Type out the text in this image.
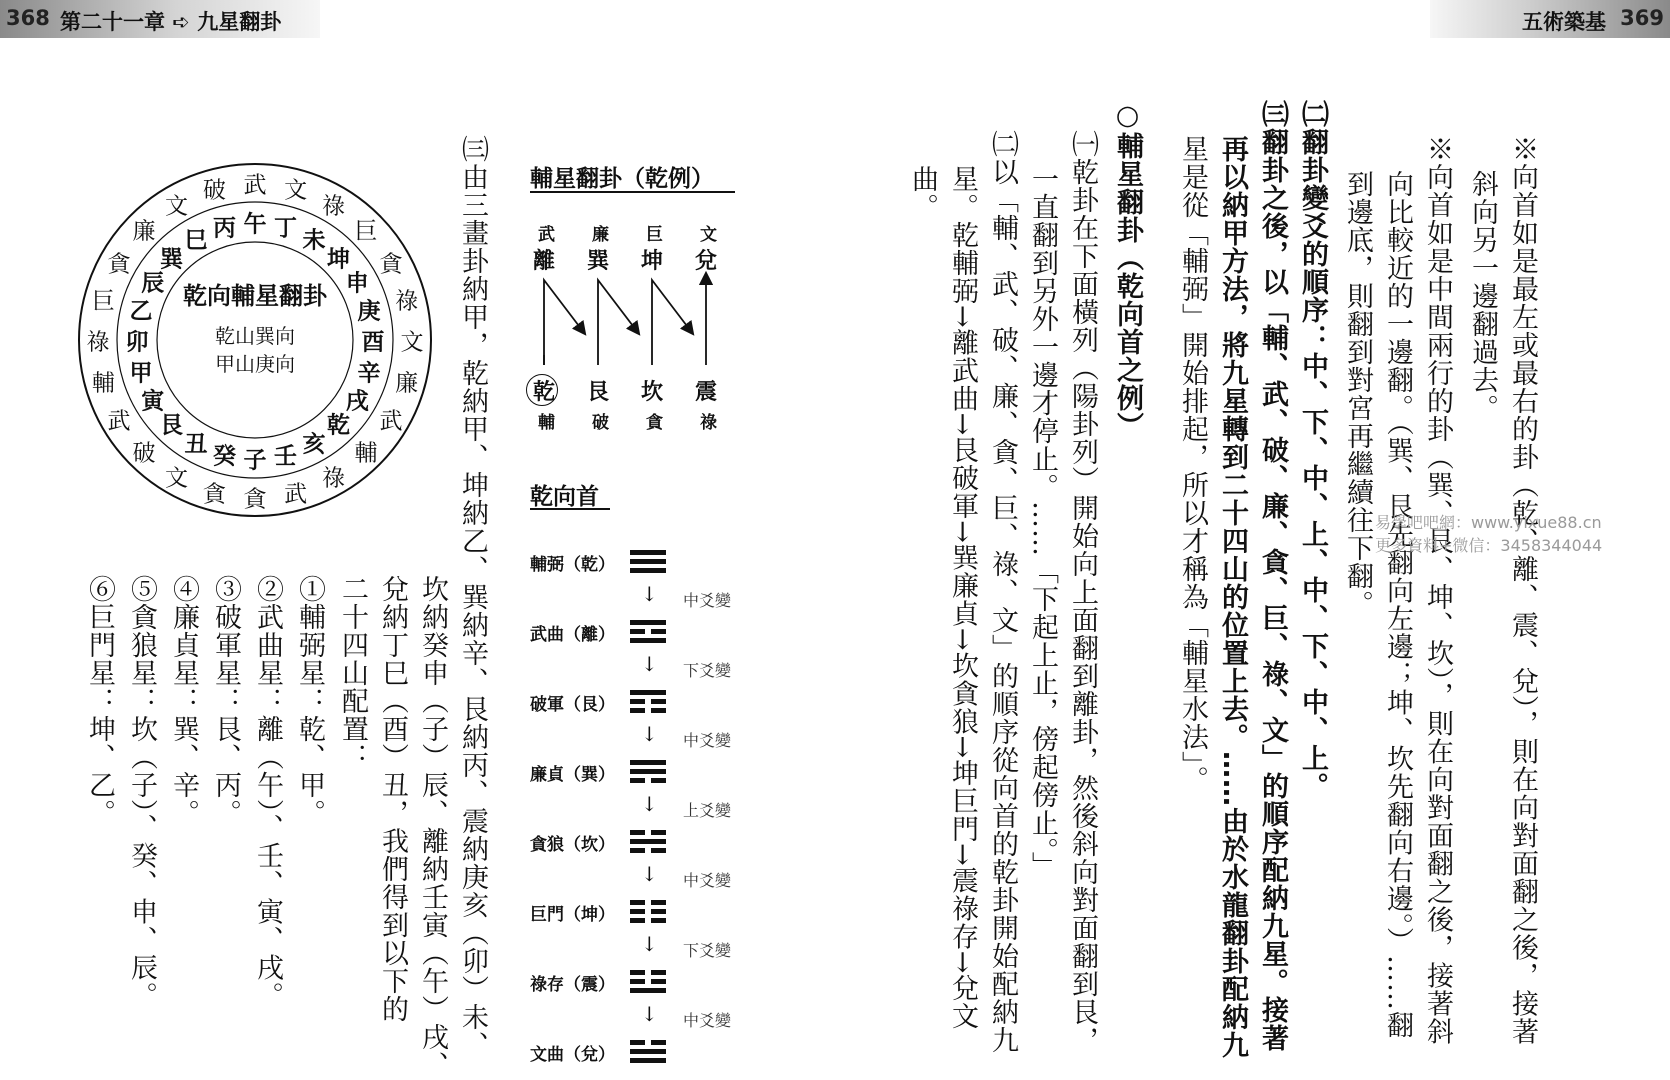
368 第二十一章 ➪ 九星翻卦	五術築基 369
※向首如是最左或最右的卦（乾、離、震、兌），則在向對面翻之後，接著
斜向另一邊翻過去。
※向首如是中間兩行的卦（巽、艮、坤、坎），則在向對面翻之後，接著斜
向比較近的一邊翻。（巽、艮先翻向左邊；坤、坎先翻向右邊。）……翻
到邊底，則翻到對宮再繼續往下翻。
㈡翻卦變爻的順序：中、下、中、上、中、下、中、上。
㈢翻卦之後，以「輔、武、破、廉、貪、巨、祿、文」的順序配納九星。接著
再以納甲方法，將九星轉到二十四山的位置上去。……由於水龍翻卦配納九
星是從「輔弼」開始排起，所以才稱為「輔星水法」。
○輔星翻卦（乾向首之例）
㈠乾卦在下面橫列（陽卦列）開始向上面翻到離卦，然後斜向對面翻到艮，
一直翻到另外一邊才停止。……「下起上止，傍起傍止。」
㈡以「輔、武、破、廉、貪、巨、祿、文」的順序從向首的乾卦開始配納九
星。乾輔弼→離武曲→艮破軍→巽廉貞→坎貪狼→坤巨門→震祿存→兌文
曲。
輔星翻卦（乾例）
武 廉 巨 文
離 巽 坤 兌
乾 艮 坎 震
輔 破 貪 祿
乾向首
輔弼（乾）
↓ 中爻變
武曲（離）
↓ 下爻變
破軍（艮）
↓ 中爻變
廉貞（巽）
↓ 上爻變
貪狼（坎）
↓ 中爻變
巨門（坤）
↓ 下爻變
祿存（震）
↓ 中爻變
文曲（兌）
㈢由三畫卦納甲，乾納甲、坤納乙、巽納辛、艮納丙、震納庚亥（卯）未、
坎納癸申（子）辰、離納壬寅（午）戌、
兌納丁巳（酉）丑，我們得到以下的
二十四山配置：
①輔弼星：乾、甲。
②武曲星：離（午）、壬、寅、戌。
③破軍星：艮、丙。
④廉貞星：巽、辛。
⑤貪狼星：坎（子）、癸、申、辰。
⑥巨門星：坤、乙。
乾向輔星翻卦
乾山巽向
甲山庚向
子
貪
癸
貪
丑
文
艮
破
寅
武
甲
輔
卯
祿
乙
巨
辰
貪 巽
廉 巳
文
丙
破
午
武
丁
文
未
祿
坤
巨
申
貪
庚 祿
酉 文
辛 廉
戌
武
乾
輔
亥
祿
壬
武
易學吧吧網：www.yixue88.cn
更多資料+微信：3458344044
